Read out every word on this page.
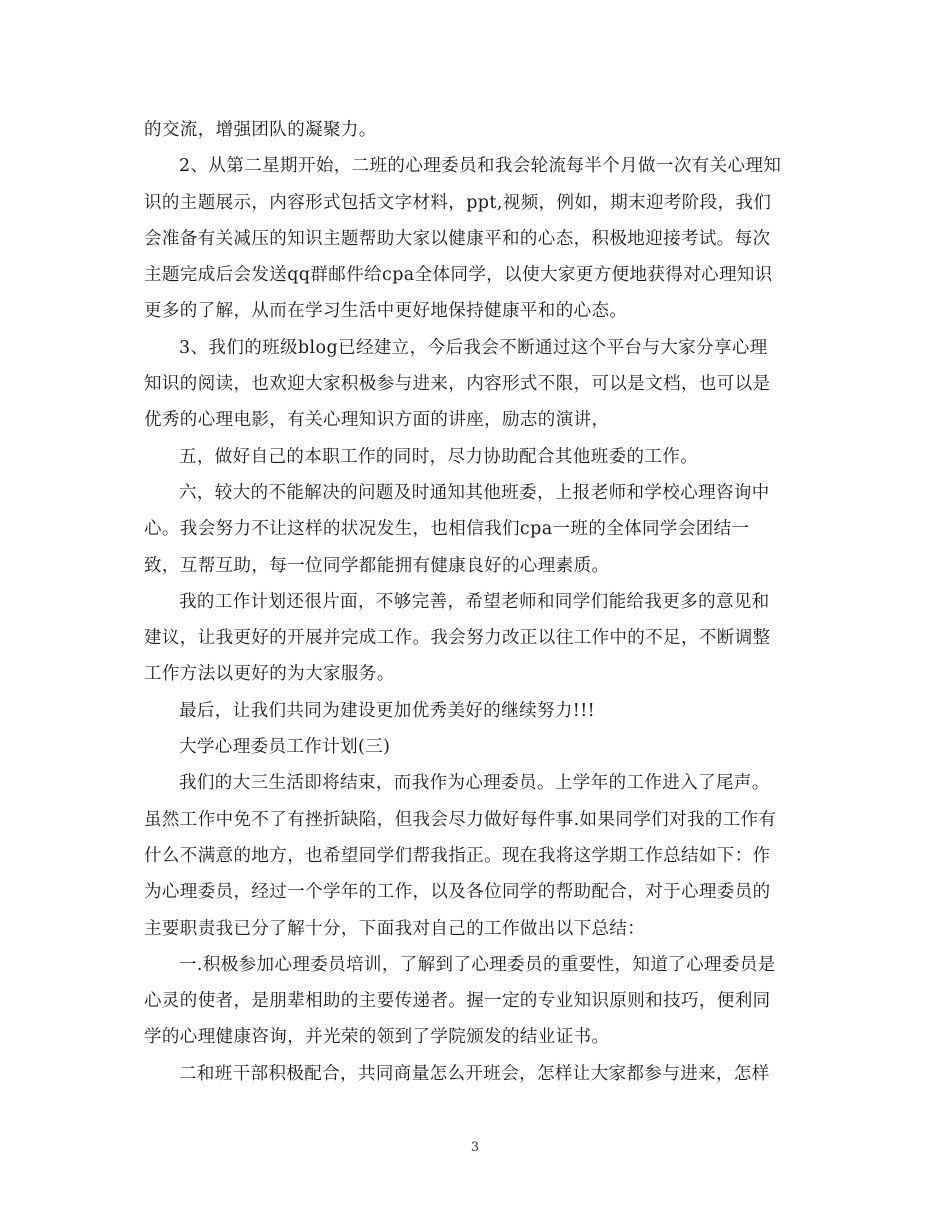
的交流，增强团队的凝聚力。
2、从第二星期开始，二班的心理委员和我会轮流每半个月做一次有关心理知
识的主题展示，内容形式包括文字材料，ppt,视频，例如，期末迎考阶段，我们
会准备有关减压的知识主题帮助大家以健康平和的心态，积极地迎接考试。每次
主题完成后会发送qq群邮件给cpa全体同学，以使大家更方便地获得对心理知识
更多的了解，从而在学习生活中更好地保持健康平和的心态。
3、我们的班级blog已经建立，今后我会不断通过这个平台与大家分享心理
知识的阅读，也欢迎大家积极参与进来，内容形式不限，可以是文档，也可以是
优秀的心理电影，有关心理知识方面的讲座，励志的演讲，
五，做好自己的本职工作的同时，尽力协助配合其他班委的工作。
六，较大的不能解决的问题及时通知其他班委，上报老师和学校心理咨询中
心。我会努力不让这样的状况发生，也相信我们cpa一班的全体同学会团结一
致，互帮互助，每一位同学都能拥有健康良好的心理素质。
我的工作计划还很片面，不够完善，希望老师和同学们能给我更多的意见和
建议，让我更好的开展并完成工作。我会努力改正以往工作中的不足，不断调整
工作方法以更好的为大家服务。
最后，让我们共同为建设更加优秀美好的继续努力!!!
大学心理委员工作计划(三)
我们的大三生活即将结束，而我作为心理委员。上学年的工作进入了尾声。
虽然工作中免不了有挫折缺陷，但我会尽力做好每件事.如果同学们对我的工作有
什么不满意的地方，也希望同学们帮我指正。现在我将这学期工作总结如下：作
为心理委员，经过一个学年的工作，以及各位同学的帮助配合，对于心理委员的
主要职责我已分了解十分，下面我对自己的工作做出以下总结：
一.积极参加心理委员培训，了解到了心理委员的重要性，知道了心理委员是
心灵的使者，是朋辈相助的主要传递者。握一定的专业知识原则和技巧，便利同
学的心理健康咨询，并光荣的领到了学院颁发的结业证书。
二和班干部积极配合，共同商量怎么开班会，怎样让大家都参与进来，怎样
3
